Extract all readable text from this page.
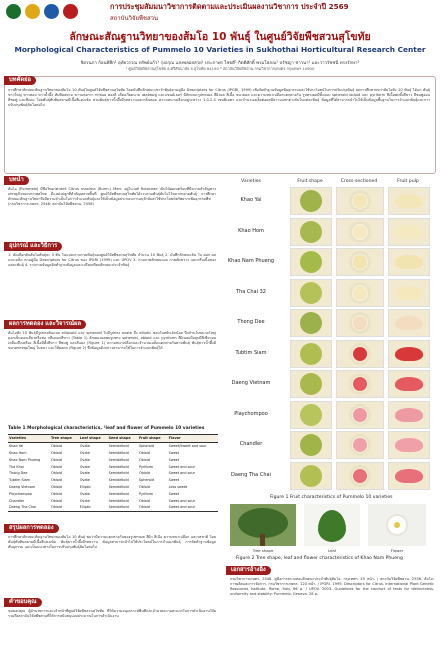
การประชุมสัมมนาวิชาการติดตามและประเมินผลงานวิชาการ ประจำปี 2569
สถาบันวิจัยพืชสวน
ลักษณะสัณฐานวิทยาของส้มโอ 10 พันธุ์ ในศูนย์วิจัยพืชสวนสุโขทัย
Morphological Characteristics of Pummelo 10 Varieties in Sukhothai Horticultural Research Center
จิตรนภา ก้อนพิลึก¹ อุทัยวรรณ ทรัพย์แก้ว¹ รุ่งอรุณ แสงพลอยสวย¹ ประภาพร ไชยดี¹ กิตติศักดิ์ พรมโสภณ¹ ปรัชญา ชาวนา¹ และวาวรัชชนี ทรงรักษา²
¹ ศูนย์วิจัยพืชสวนสุโขทัย อ.ศรีสัชนาลัย จ.สุโขทัย 64190 ² สถาบันวิจัยพืชสวน กรมวิชาการเกษตร กรุงเทพฯ 10900
บทคัดย่อ
การศึกษาลักษณะสัณฐานวิทยาของส้มโอ 10 พันธุ์ในศูนย์วิจัยพืชสวนสุโขทัย โดยบันทึกลักษณะประจำพันธุ์ตามคู่มือ Descriptors for Citrus (IPGRI, 1999) เพื่อจัดทำฐานข้อมูลพันธุกรรมและใช้ประโยชน์ในการปรับปรุงพันธุ์ ผลการศึกษาพบว่าส้มโอทั้ง 10 พันธุ์ ได้แก่ พันธุ์ขาวใหญ่ ขาวหอม ขาวน้ำผึ้ง ทับทิมสยาม ขาวแตงกวา ท่าข่อย ทองดี เดี่ยงเวียดนาม เพลย์ชมพู และแชนด์เลอร์ มีลักษณะรูปทรงผล สีผิวผล สีเนื้อ ขนาดผล และความหนาเปลือกแตกต่างกัน รูปทรงผลมีทั้งแบบ spheroid obloid และ pyriform สีเนื้อพบทั้งสีขาว สีชมพูอ่อน สีชมพู และสีแดง โดยพันธุ์ทับทิมสยามมีเนื้อสีแดงเข้ม ส่วนพันธุ์ขาวน้ำผึ้งมีรสหวานและกลิ่นหอม ความหนาเปลือกอยู่ระหว่าง 1.0-2.4 เซนติเมตร และจำนวนเมล็ดต่อผลมีความแตกต่างกันในแต่ละพันธุ์ ข้อมูลที่ได้สามารถนำไปใช้เป็นข้อมูลพื้นฐานในการจำแนกพันธุ์และการปรับปรุงพันธุ์ส้มโอต่อไป
บทนำ
ส้มโอ (Pummelo) มีชื่อวิทยาศาสตร์ Citrus maxima (Burm.) Merr. อยู่ในวงศ์ Rutaceae เป็นไม้ผลเขตร้อนที่มีความสำคัญทางเศรษฐกิจของประเทศไทย มีแหล่งปลูกที่สำคัญหลายพื้นที่ ศูนย์วิจัยพืชสวนสุโขทัยได้รวบรวมพันธุ์ส้มโอไว้หลากหลายพันธุ์ การศึกษาลักษณะสัณฐานวิทยาจึงมีความจำเป็นในการจำแนกพันธุ์และใช้เป็นข้อมูลประกอบการอนุรักษ์และใช้ประโยชน์ทรัพยากรพันธุกรรมพืช (กรมวิชาการเกษตร, 2546; สถาบันวิจัยพืชสวน, 2556)
อุปกรณ์ และวิธีการ
1. คัดเลือกต้นส้มโอพันธุ์ละ 3 ต้น ในแปลงรวบรวมพันธุ์ของศูนย์วิจัยพืชสวนสุโขทัย จำนวน 10 พันธุ์ 2. บันทึกลักษณะต้น ใบ ดอก ผล และเมล็ด ตามคู่มือ Descriptors for Citrus ของ IPGRI (1999) และ UPOV 3. ถ่ายภาพลักษณะผล ภาคตัดขวาง และกลีบเนื้อของแต่ละพันธุ์ 4. รวบรวมข้อมูลจัดทำฐานข้อมูลและเปรียบเทียบลักษณะประจำพันธุ์
ผลการทดลอง และวิจารณ์ผล
ส้มโอทั้ง 10 พันธุ์มีรูปทรงต้นแบบ ellipsoid และ spheroid ใบมีรูปทรง ovate ถึง elliptic ขอบใบหยักเล็กน้อย ปีกก้านใบขนาดใหญ่ ดอกเป็นดอกเดี่ยวหรือช่อ กลีบดอกสีขาว (Table 1) ลักษณะผลพบรูปทรง spheroid, obloid และ pyriform สีผิวผลเมื่อสุกมีสีเขียวอมเหลืองถึงเหลือง สีเนื้อมีทั้งสีขาว สีชมพู และสีแดง (Figure 1) ความหนาเปลือกและจำนวนเมล็ดแตกต่างกันตามพันธุ์ พันธุ์ขาวน้ำผึ้งมีขนาดทรงพุ่มใหญ่ ใบหนา และให้ผลดก (Figure 2) ซึ่งข้อมูลดังกล่าวสามารถใช้ในการจำแนกพันธุ์ได้
Table 1 Morphological characteristics, ¹leaf and flower of Pummelo 10 varieties
Varieties	Tree shape	Leaf shape	Seed shape	Fruit shape	Flavor
Khao Yai	Obloid	Ovate	Semideltoid	Spheroid	Sweet/Sweet and sour
Khao Hom	Obloid	Ovate	Semideltoid	Obloid	Sweet
Khao Nam Phueng	Obloid	Ovate	Semideltoid	Obloid	Sweet
Tha Khoi	Obloid	Ovate	Semideltoid	Pyriform	Sweet and sour
Thong Dee	Obloid	Ovate	Semideltoid	Obloid	Sweet and sour
Tubtim Siam	Obloid	Ovate	Semideltoid	Spheroid	Sweet
Daeng Vietnam	Obloid	Elliptic	Semideltoid	Obloid	Less sweet
Playchompoo	Obloid	Ovate	Semideltoid	Pyriform	Sweet
Chandler	Obloid	Ovate	Semideltoid	Obloid	Sweet and sour
Daeng Tha Chai	Obloid	Elliptic	Semideltoid	Obloid	Sweet and sour
สรุปผลการทดลอง
การศึกษาลักษณะสัณฐานวิทยาของส้มโอ 10 พันธุ์ พบว่ามีความแตกต่างกันของรูปทรงผล สีผิว สีเนื้อ ความหนาเปลือก และรสชาติ โดยพันธุ์ทับทิมสยามมีเนื้อสีแดงเข้ม พันธุ์ขาวน้ำผึ้งมีรสหวาน ข้อมูลสามารถนำไปใช้ประโยชน์ในการจำแนกพันธุ์ การจัดทำฐานข้อมูลพันธุกรรม และเป็นแนวทางในการปรับปรุงพันธุ์ส้มโอต่อไป
คำขอบคุณ
ขอขอบคุณ ผู้อำนวยการและเจ้าหน้าที่ศูนย์วิจัยพืชสวนสุโขทัย ที่ให้ความอนุเคราะห์พื้นที่และอำนวยความสะดวกในการดำเนินงานวิจัย รวมถึงสถาบันวิจัยพืชสวนที่ให้การสนับสนุนงบประมาณในการดำเนินงาน
Varieties	Fruit shape	Cross-sectioned	Fruit pulp
Khao Yai
Khao Hom
Khao Nam Phueng
Tha Chai 32
Thong Dee
Tubtim Siam
Daeng Vietnam
Playchompoo
Chandler
Daeng Tha Chai
Figure 1 Fruit characteristics of Pummelo 10 varieties
Tree shape	Leaf	Flower
Figure 2 Tree shape, leaf and flower characteristics of Khao Nam Phueng
เอกสารอ้างอิง
กรมวิชาการเกษตร. 2546. คู่มือการตรวจสอบลักษณะประจำพันธุ์ส้มโอ. กรุงเทพฯ. 45 หน้า. / สถาบันวิจัยพืชสวน. 2556. ส้มโอ: การผลิตและการจัดการ. กรมวิชาการเกษตร. 120 หน้า. / IPGRI. 1999. Descriptors for Citrus. International Plant Genetic Resources Institute, Rome, Italy. 66 p. / UPOV. 2003. Guidelines for the conduct of tests for distinctness, uniformity and stability: Pummelo. Geneva. 28 p.
